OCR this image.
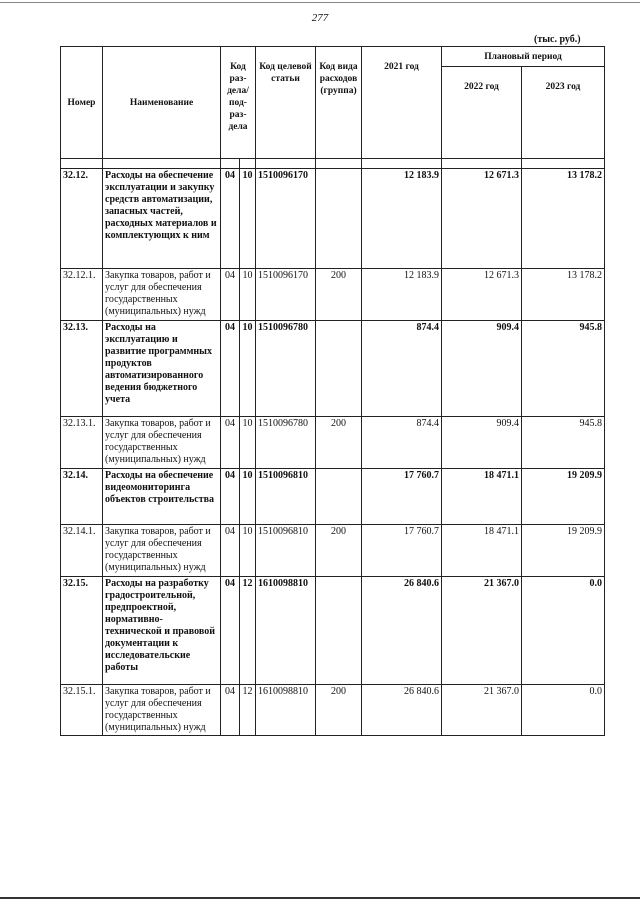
277
(тыс. руб.)
Номер	Наименование	Код раз-дела/ под-раз-дела		Код целевой статьи	Код вида расходов (группа)	2021 год	Плановый период	
							2022 год	2023 год

32.12.	Расходы на обеспечение эксплуатации и закупку средств автоматизации, запасных частей, расходных материалов и комплектующих к ним	04	10	1510096170		12 183.9	12 671.3	13 178.2
32.12.1.	Закупка товаров, работ и услуг для обеспечения государственных (муниципальных) нужд	04	10	1510096170	200	12 183.9	12 671.3	13 178.2
32.13.	Расходы на эксплуатацию и развитие программных продуктов автоматизированного ведения бюджетного учета	04	10	1510096780		874.4	909.4	945.8
32.13.1.	Закупка товаров, работ и услуг для обеспечения государственных (муниципальных) нужд	04	10	1510096780	200	874.4	909.4	945.8
32.14.	Расходы на обеспечение видеомониторинга объектов строительства	04	10	1510096810		17 760.7	18 471.1	19 209.9
32.14.1.	Закупка товаров, работ и услуг для обеспечения государственных (муниципальных) нужд	04	10	1510096810	200	17 760.7	18 471.1	19 209.9
32.15.	Расходы на разработку градостроительной, предпроектной, нормативно-технической и правовой документации к исследовательские работы	04	12	1610098810		26 840.6	21 367.0	0.0
32.15.1.	Закупка товаров, работ и услуг для обеспечения государственных (муниципальных) нужд	04	12	1610098810	200	26 840.6	21 367.0	0.0
